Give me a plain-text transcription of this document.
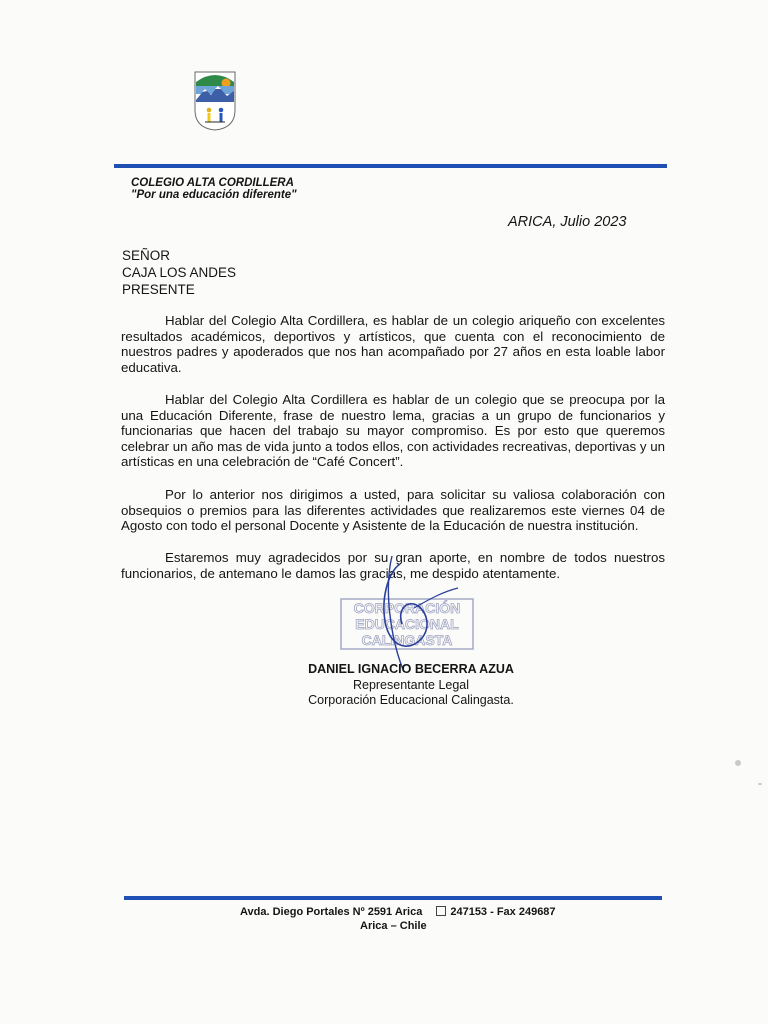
COLEGIO ALTA CORDILLERA
"Por una educación diferente"
ARICA, Julio 2023
SEÑOR
CAJA LOS ANDES
PRESENTE

Hablar del Colegio Alta Cordillera, es hablar de un colegio ariqueño con excelentes resultados académicos, deportivos y artísticos, que cuenta con el reconocimiento de nuestros padres y apoderados que nos han acompañado por 27 años en esta loable labor educativa.

Hablar del Colegio Alta Cordillera es hablar de un colegio que se preocupa por la una Educación Diferente, frase de nuestro lema, gracias a un grupo de funcionarios y funcionarias que hacen del trabajo su mayor compromiso. Es por esto que queremos celebrar un año mas de vida junto a todos ellos, con actividades recreativas, deportivas y un artísticas en una celebración de “Café Concert”.

Por lo anterior nos dirigimos a usted, para solicitar su valiosa colaboración con obsequios o premios para las diferentes actividades que realizaremos este viernes 04 de Agosto con todo el personal Docente y Asistente de la Educación de nuestra institución.

Estaremos muy agradecidos por su gran aporte, en nombre de todos nuestros funcionarios, de antemano le damos las gracias, me despido atentamente.

CORPORACIÓN
EDUCACIONAL
CALINGASTA
DANIEL IGNACIO BECERRA AZUA
Representante Legal
Corporación Educacional Calingasta.
Avda. Diego Portales Nº 2591 Arica	247153 - Fax 249687
Arica – Chile
